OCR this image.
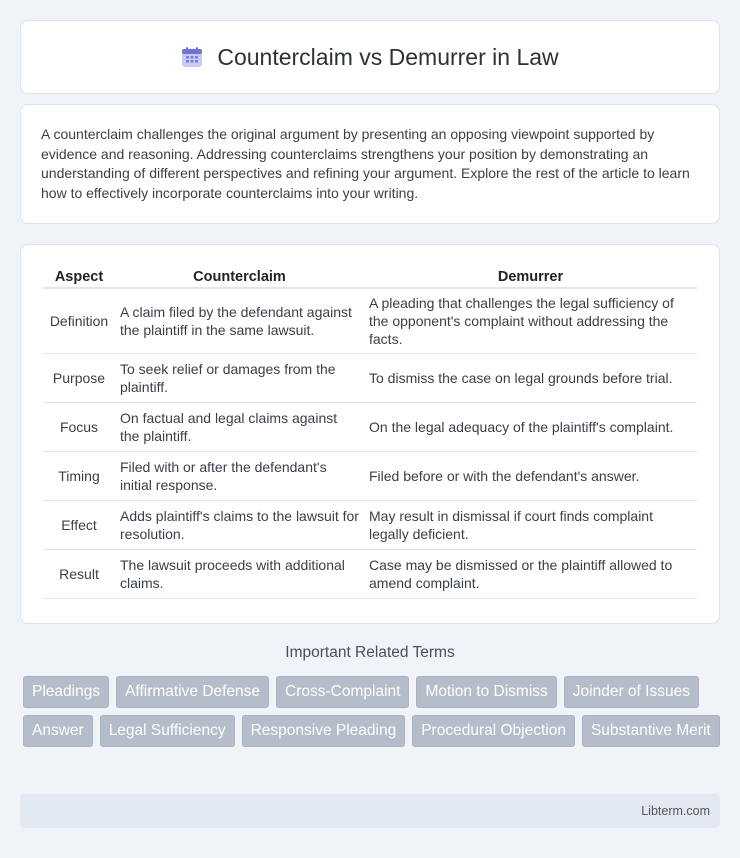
Counterclaim vs Demurrer in Law

A counterclaim challenges the original argument by presenting an opposing viewpoint supported by evidence and reasoning. Addressing counterclaims strengthens your position by demonstrating an understanding of different perspectives and refining your argument. Explore the rest of the article to learn how to effectively incorporate counterclaims into your writing.

Aspect	Counterclaim	Demurrer
Definition	A claim filed by the defendant against the plaintiff in the same lawsuit.	A pleading that challenges the legal sufficiency of the opponent's complaint without addressing the facts.
Purpose	To seek relief or damages from the plaintiff.	To dismiss the case on legal grounds before trial.
Focus	On factual and legal claims against the plaintiff.	On the legal adequacy of the plaintiff's complaint.
Timing	Filed with or after the defendant's initial response.	Filed before or with the defendant's answer.
Effect	Adds plaintiff's claims to the lawsuit for resolution.	May result in dismissal if court finds complaint legally deficient.
Result	The lawsuit proceeds with additional claims.	Case may be dismissed or the plaintiff allowed to amend complaint.
Important Related Terms
Pleadings	Affirmative Defense	Cross-Complaint	Motion to Dismiss	Joinder of Issues
Answer	Legal Sufficiency	Responsive Pleading	Procedural Objection	Substantive Merit
Libterm.com
